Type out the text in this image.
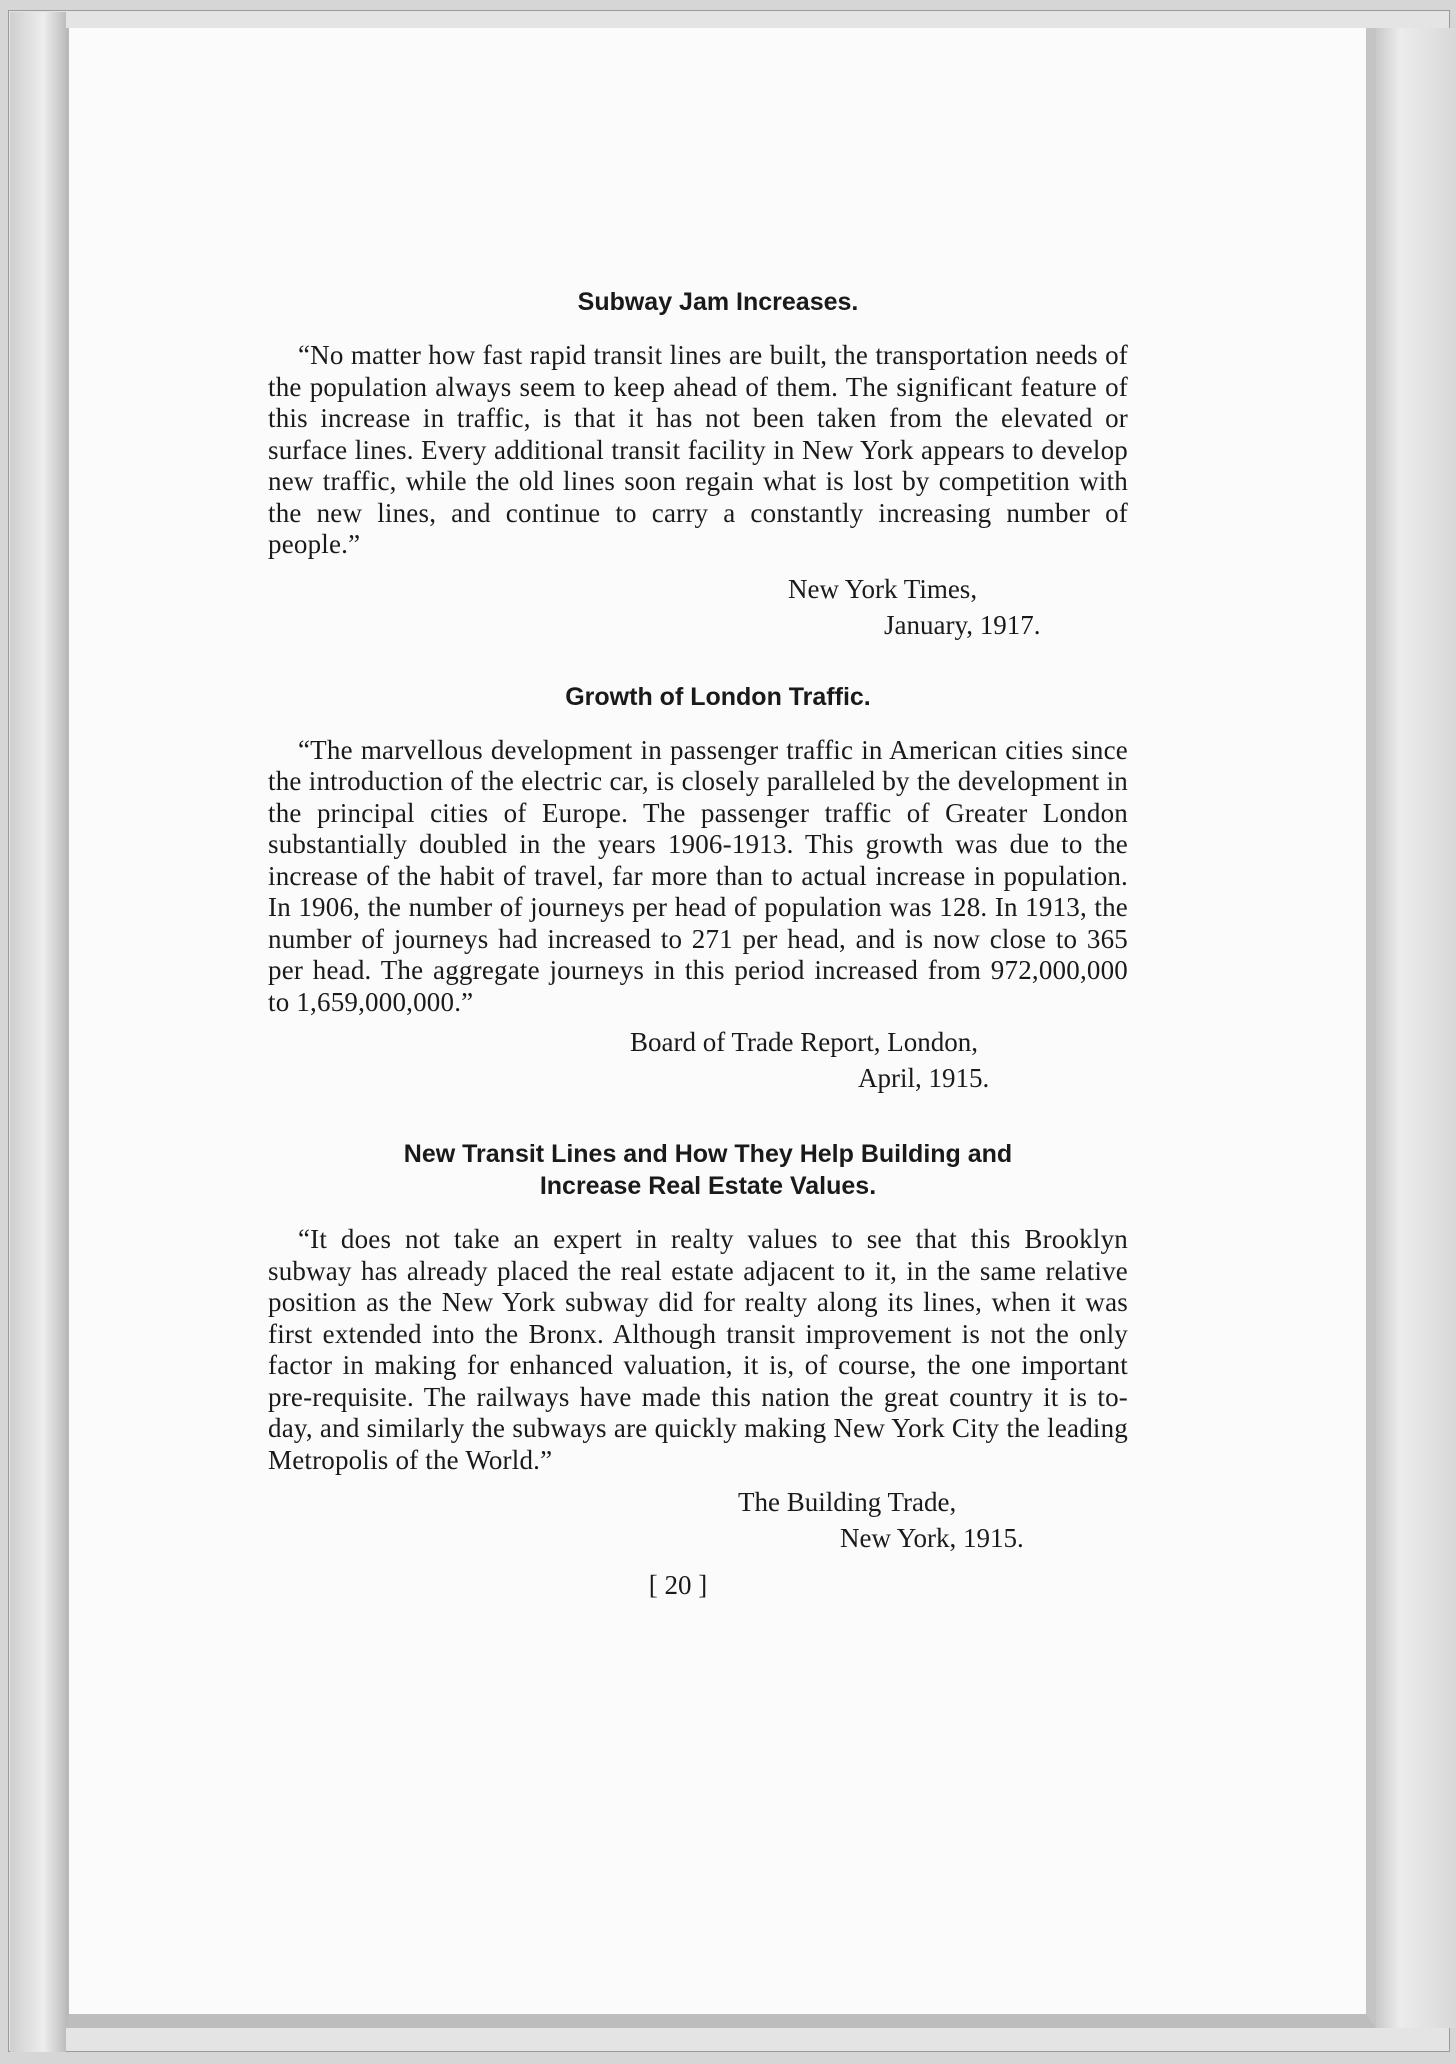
Subway Jam Increases.

“No matter how fast rapid transit lines are built, the transportation needs of the population always seem to keep ahead of them. The significant feature of this increase in traffic, is that it has not been taken from the elevated or surface lines. Every additional transit facility in New York appears to develop new traffic, while the old lines soon regain what is lost by competition with the new lines, and continue to carry a constantly increasing number of people.”

New York Times,
January, 1917.
Growth of London Traffic.

“The marvellous development in passenger traffic in American cities since the introduction of the electric car, is closely paralleled by the development in the principal cities of Europe. The passenger traffic of Greater London substantially doubled in the years 1906-1913. This growth was due to the increase of the habit of travel, far more than to actual increase in population. In 1906, the number of journeys per head of population was 128. In 1913, the number of journeys had increased to 271 per head, and is now close to 365 per head. The aggregate journeys in this period increased from 972,000,000 to 1,659,000,000.”

Board of Trade Report, London,
April, 1915.
New Transit Lines and How They Help Building and
Increase Real Estate Values.

“It does not take an expert in realty values to see that this Brooklyn subway has already placed the real estate adjacent to it, in the same relative position as the New York subway did for realty along its lines, when it was first extended into the Bronx. Although transit improvement is not the only factor in making for enhanced valuation, it is, of course, the one important pre-requisite. The railways have made this nation the great country it is to-day, and similarly the subways are quickly making New York City the leading Metropolis of the World.”

The Building Trade,
New York, 1915.
[ 20 ]
